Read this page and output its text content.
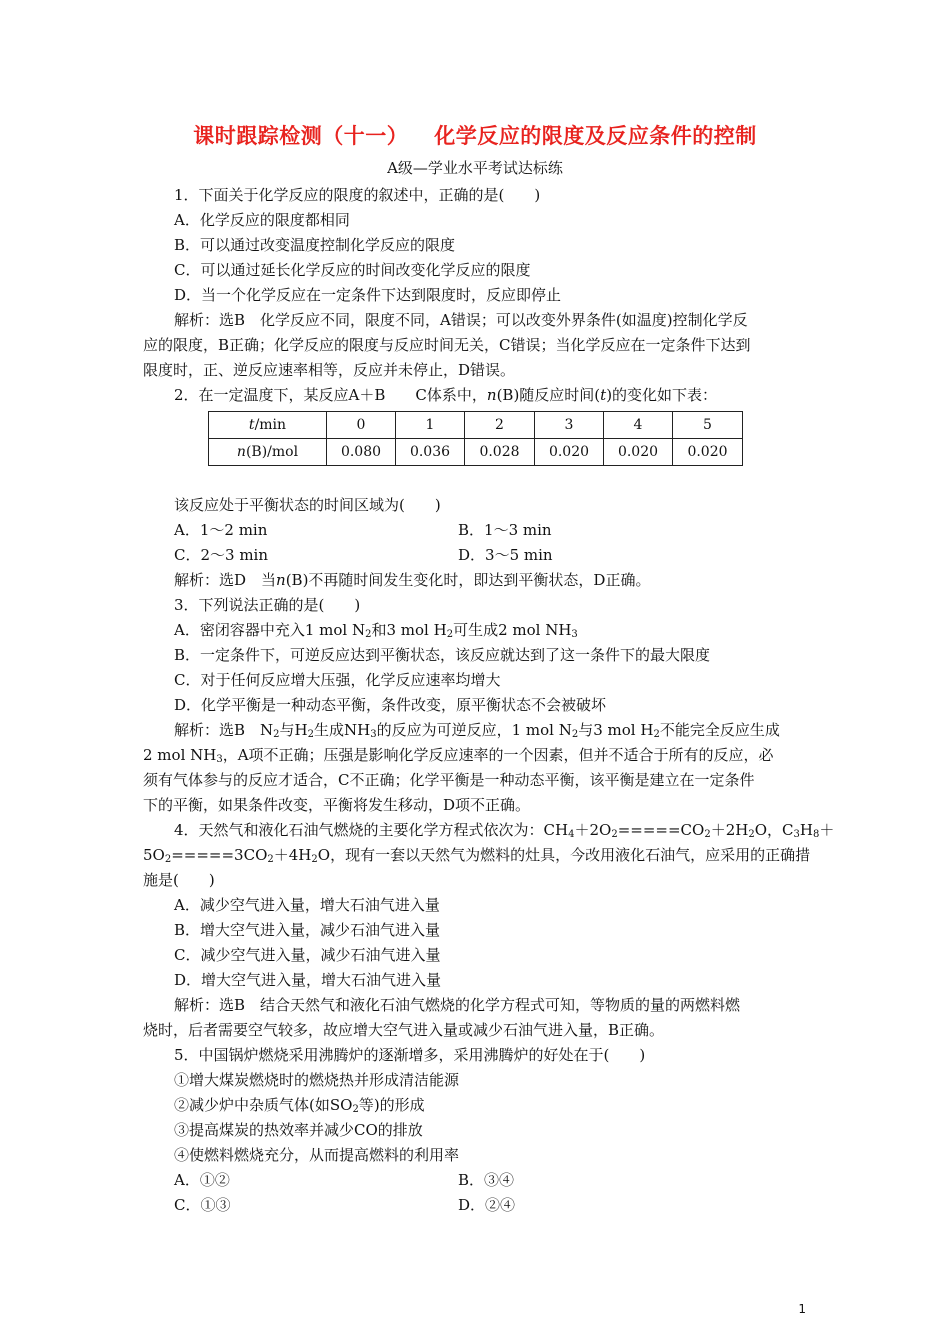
课时跟踪检测（十一） 化学反应的限度及反应条件的控制
A级—学业水平考试达标练
1．下面关于化学反应的限度的叙述中，正确的是(　　)
A．化学反应的限度都相同
B．可以通过改变温度控制化学反应的限度
C．可以通过延长化学反应的时间改变化学反应的限度
D．当一个化学反应在一定条件下达到限度时，反应即停止
解析：选B　化学反应不同，限度不同，A错误；可以改变外界条件(如温度)控制化学反
应的限度，B正确；化学反应的限度与反应时间无关，C错误；当化学反应在一定条件下达到
限度时，正、逆反应速率相等，反应并未停止，D错误。
2．在一定温度下，某反应A＋B　　C体系中，n(B)随反应时间(t)的变化如下表：
t/min	0	1	2	3	4	5
n(B)/mol	0.080	0.036	0.028	0.020	0.020	0.020
该反应处于平衡状态的时间区域为(　　)
A．1～2 min	B．1～3 min
C．2～3 min	D．3～5 min
解析：选D　当n(B)不再随时间发生变化时，即达到平衡状态，D正确。
3．下列说法正确的是(　　)
A．密闭容器中充入1 mol $N_2$和3 mol $H_2$可生成2 mol $NH_3$
B．一定条件下，可逆反应达到平衡状态，该反应就达到了这一条件下的最大限度
C．对于任何反应增大压强，化学反应速率均增大
D．化学平衡是一种动态平衡，条件改变，原平衡状态不会被破坏
解析：选B　$N_2$与$H_2$生成$NH_3$的反应为可逆反应，1 mol $N_2$与3 mol $H_2$不能完全反应生成
2 mol $NH_3$，A项不正确；压强是影响化学反应速率的一个因素，但并不适合于所有的反应，必
须有气体参与的反应才适合，C不正确；化学平衡是一种动态平衡，该平衡是建立在一定条件
下的平衡，如果条件改变，平衡将发生移动，D项不正确。
4．天然气和液化石油气燃烧的主要化学方程式依次为：$CH_4+2O_2=====CO_2+2H_2O$，$C_3H_8+$
$5O_2=====3CO_2+4H_2O$，现有一套以天然气为燃料的灶具，今改用液化石油气，应采用的正确措
施是(　　)
A．减少空气进入量，增大石油气进入量
B．增大空气进入量，减少石油气进入量
C．减少空气进入量，减少石油气进入量
D．增大空气进入量，增大石油气进入量
解析：选B　结合天然气和液化石油气燃烧的化学方程式可知，等物质的量的两燃料燃
烧时，后者需要空气较多，故应增大空气进入量或减少石油气进入量，B正确。
5．中国锅炉燃烧采用沸腾炉的逐渐增多，采用沸腾炉的好处在于(　　)
①增大煤炭燃烧时的燃烧热并形成清洁能源
②减少炉中杂质气体(如$SO_2$等)的形成
③提高煤炭的热效率并减少CO的排放
④使燃料燃烧充分，从而提高燃料的利用率
A．①②	B．③④
C．①③	D．②④
1
